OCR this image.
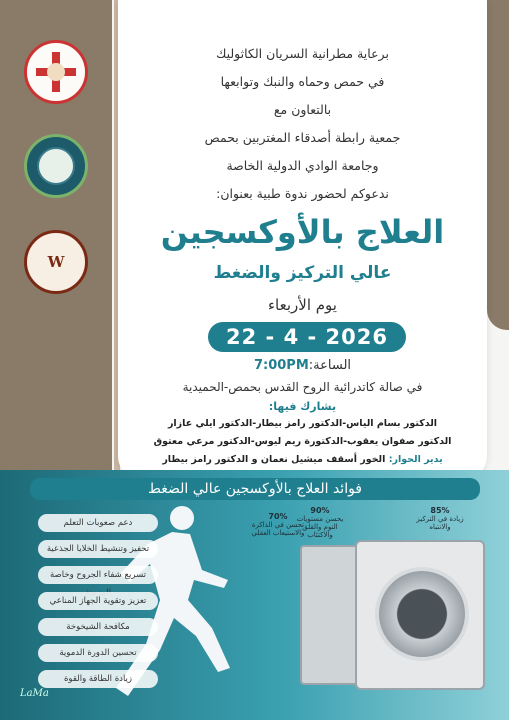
W
برعاية مطرانية السريان الكاثوليك
في حمص وحماه والنبك وتوابعها
بالتعاون مع
جمعية رابطة أصدقاء المغتربين بحمص
وجامعة الوادي الدولية الخاصة
ندعوكم لحضور ندوة طبية بعنوان:
العلاج بالأوكسجين
عالي التركيز والضغط
يوم الأربعاء
22 - 4 - 2026
الساعة:7:00PM
في صالة كاتدرائية الروح القدس بحمص-الحميدية
يشارك فيها:
الدكتور بسام الياس-الدكتور رامز بيطار-الدكتور ايلي عازار
الدكتور صفوان يعقوب-الدكتورة ريم ليوس-الدكتور مرعي معتوق
يدير الحوار: الخور أسقف ميشيل نعمان و الدكتور رامز بيطار
فوائد العلاج بالأوكسجين عالي الضغط
دعم صعوبات التعلم
تحفيز وتنشيط الخلايا الجذعية
تسريع شفاء الجروح وخاصة
تعزيز وتقوية الجهاز المناعي
مكافحة الشيخوخة
تحسين الدورة الدموية
زيادة الطاقة والقوة
70%
تحسن في الذاكرة والاستيعاب العقلي
90%
يحسن مستويات النوم والقلق والاكتئاب
85%
زيادة في التركيز والانتباه
LaMa
